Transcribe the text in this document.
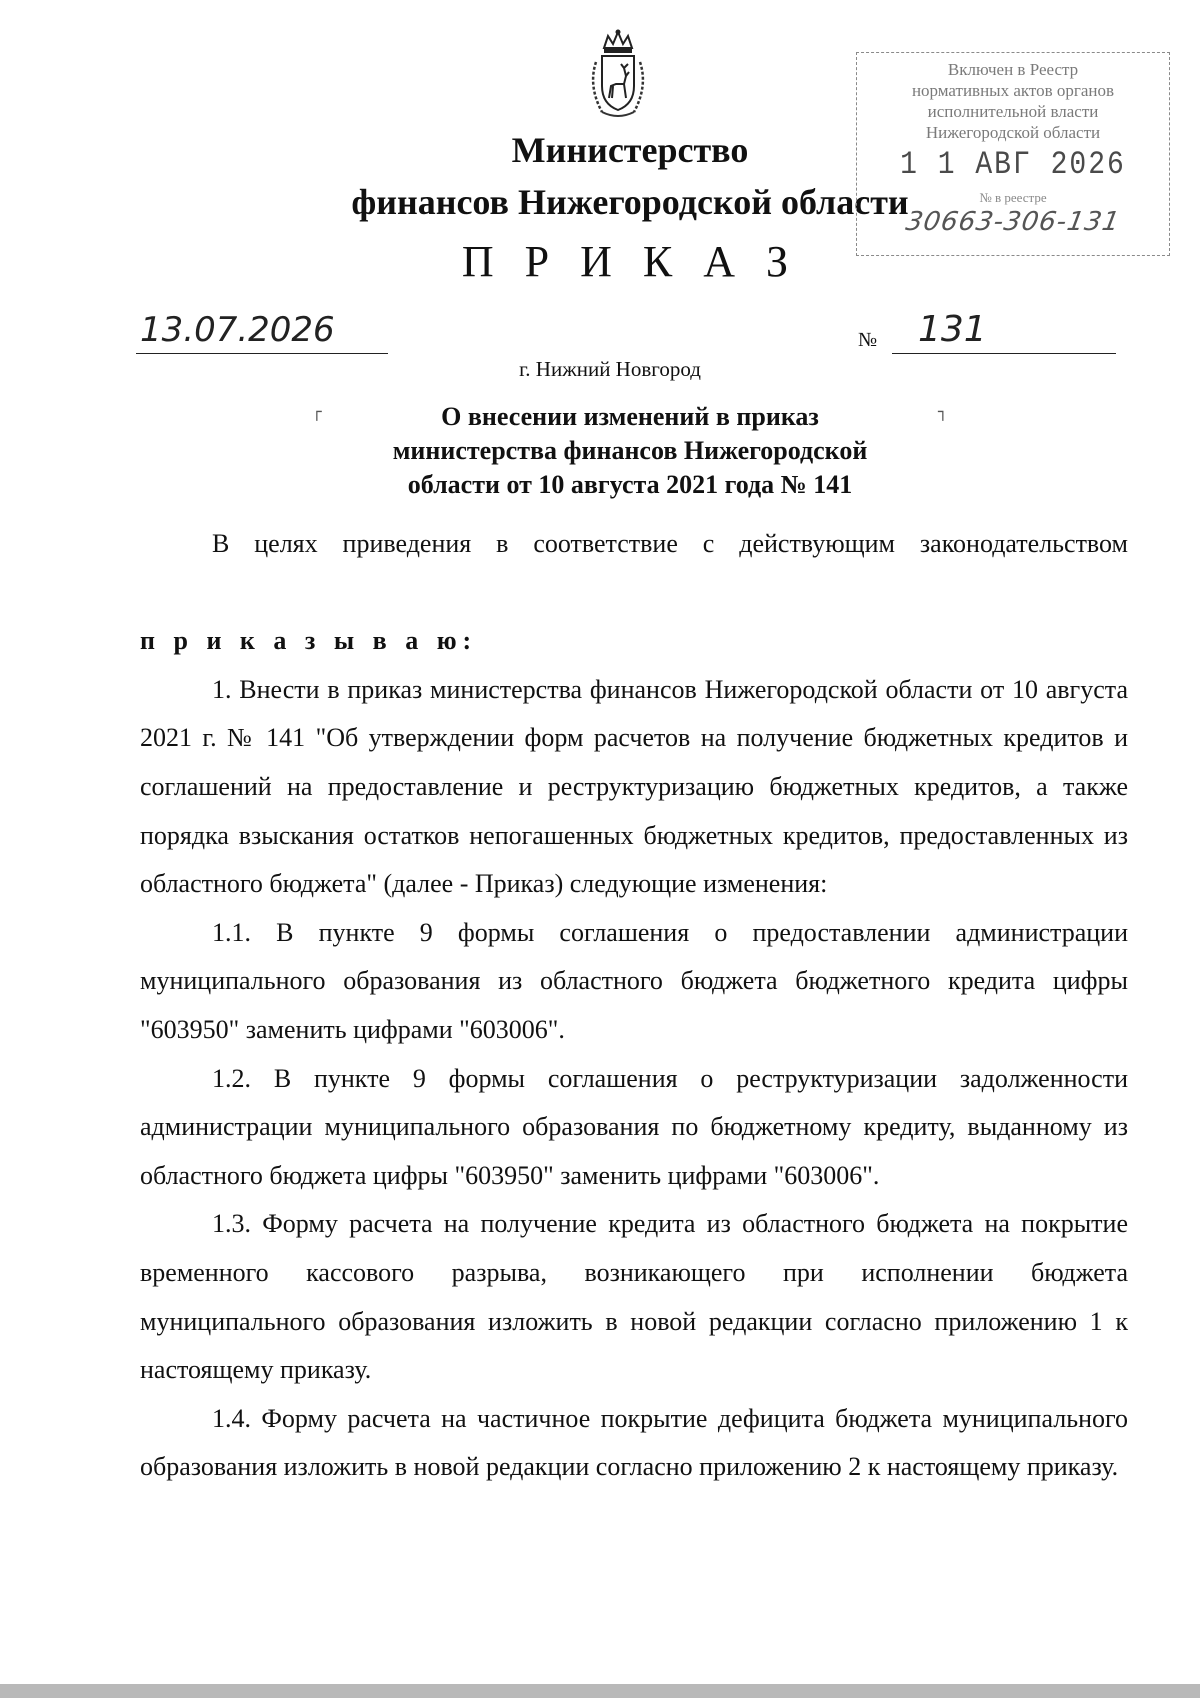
Министерство
финансов Нижегородской области
П Р И К А З
Включен в Реестр
нормативных актов органов
исполнительной власти
Нижегородской области
1 1 АВГ 2026
№ в реестре
30663-306-131
13.07.2026	№	131
г. Нижний Новгород
┌	┐
О внесении изменений в приказ
министерства финансов Нижегородской
области от 10 августа 2021 года № 141

В целях приведения в соответствие с действующим законодательством

п р и к а з ы в а ю:

1. Внести в приказ министерства финансов Нижегородской области от 10 августа 2021 г. № 141 "Об утверждении форм расчетов на получение бюджетных кредитов и соглашений на предоставление и реструктуризацию бюджетных кредитов, а также порядка взыскания остатков непогашенных бюджетных кредитов, предоставленных из областного бюджета" (далее - Приказ) следующие изменения:

1.1. В пункте 9 формы соглашения о предоставлении администрации муниципального образования из областного бюджета бюджетного кредита цифры "603950" заменить цифрами "603006".

1.2. В пункте 9 формы соглашения о реструктуризации задолженности администрации муниципального образования по бюджетному кредиту, выданному из областного бюджета цифры "603950" заменить цифрами "603006".

1.3. Форму расчета на получение кредита из областного бюджета на покрытие временного кассового разрыва, возникающего при исполнении бюджета муниципального образования изложить в новой редакции согласно приложению 1 к настоящему приказу.

1.4. Форму расчета на частичное покрытие дефицита бюджета муниципального образования изложить в новой редакции согласно приложению 2 к настоящему приказу.
